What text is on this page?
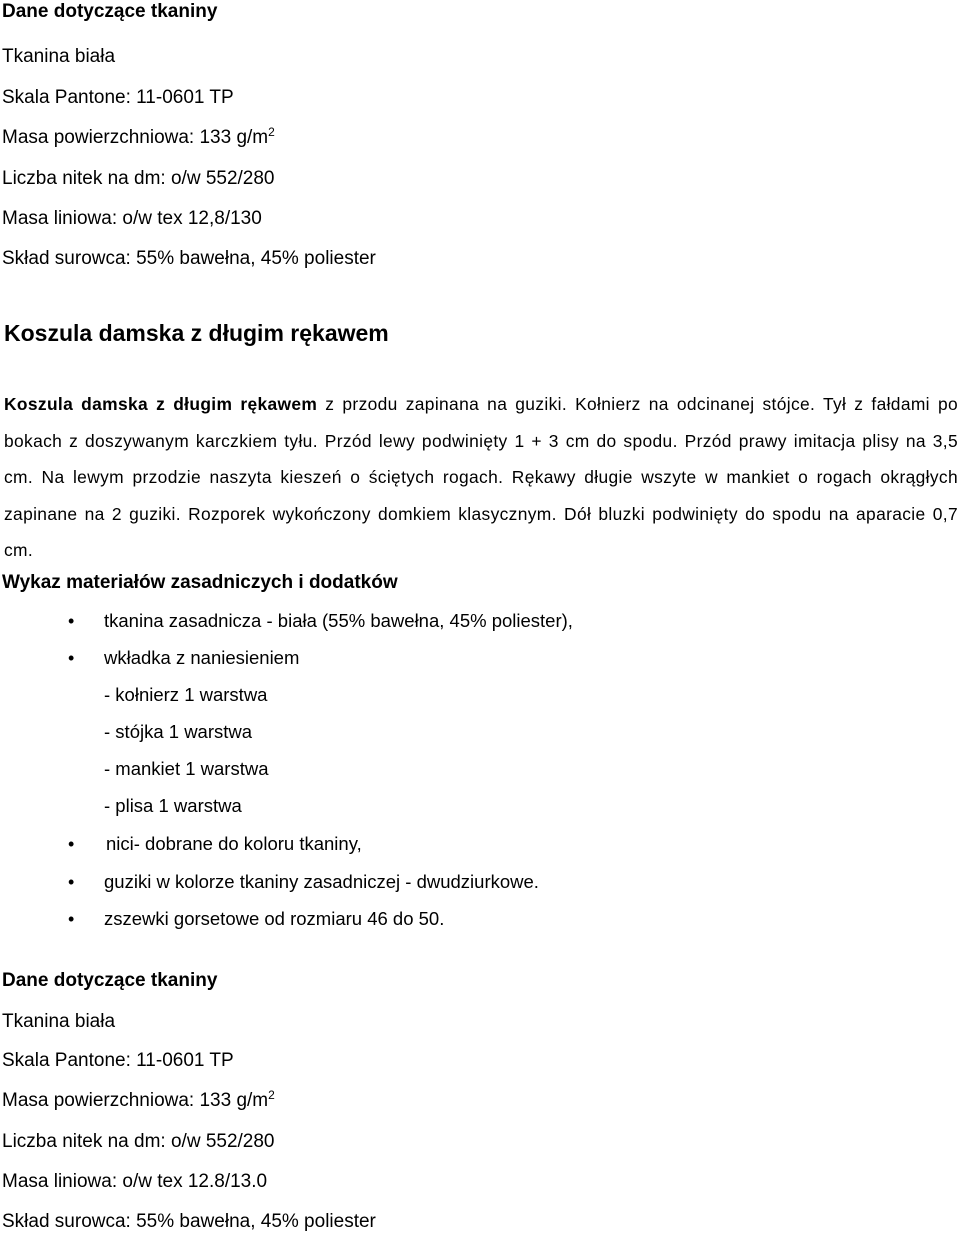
Dane dotyczące tkaniny
Tkanina biała
Skala Pantone: 11-0601 TP
Masa powierzchniowa: 133 $g/m^2$
Liczba nitek na dm: o/w 552/280
Masa liniowa: o/w tex 12,8/130
Skład surowca: 55% bawełna, 45% poliester
Koszula damska z długim rękawem
Koszula damska z długim rękawem z przodu zapinana na guziki. Kołnierz na odcinanej stójce. Tył z fałdami po bokach z doszywanym karczkiem tyłu. Przód lewy podwinięty 1 + 3 cm do spodu. Przód prawy imitacja plisy na 3,5 cm. Na lewym przodzie naszyta kieszeń o ściętych rogach. Rękawy długie wszyte w mankiet o rogach okrągłych zapinane na 2 guziki. Rozporek wykończony domkiem klasycznym. Dół bluzki podwinięty do spodu na aparacie 0,7 cm.
Wykaz materiałów zasadniczych i dodatków
• tkanina zasadnicza - biała (55% bawełna, 45% poliester),
• wkładka z naniesieniem
- kołnierz 1 warstwa
- stójka 1 warstwa
- mankiet 1 warstwa
- plisa 1 warstwa
• nici- dobrane do koloru tkaniny,
• guziki w kolorze tkaniny zasadniczej - dwudziurkowe.
• zszewki gorsetowe od rozmiaru 46 do 50.
Dane dotyczące tkaniny
Tkanina biała
Skala Pantone: 11-0601 TP
Masa powierzchniowa: 133 $g/m^2$
Liczba nitek na dm: o/w 552/280
Masa liniowa: o/w tex 12.8/13.0
Skład surowca: 55% bawełna, 45% poliester
